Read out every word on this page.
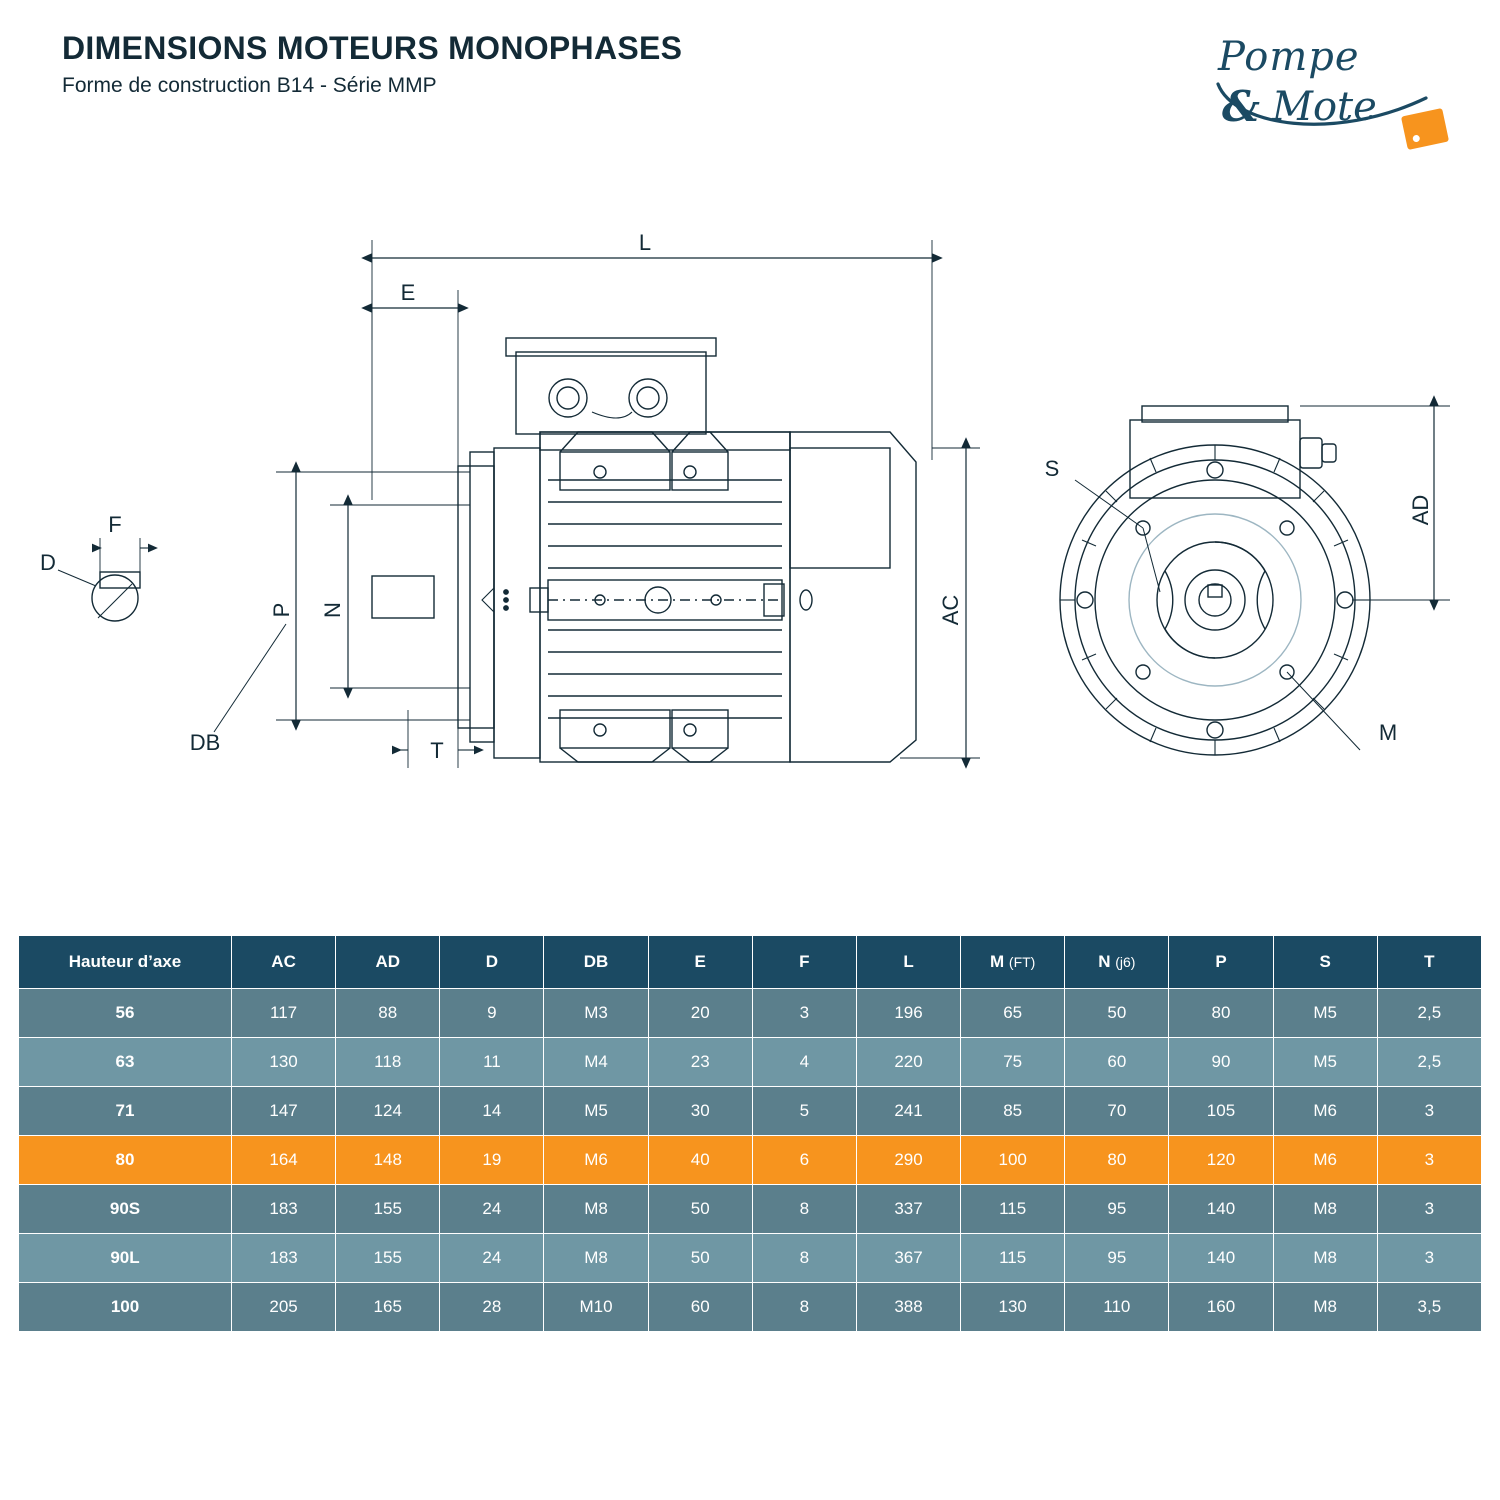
DIMENSIONS MOTEURS MONOPHASES

Forme de construction B14 - Série MMP

Pompe
& Mote
L
E
T
DB
F
D
S
M
P N	AC
AD
Hauteur d’axe	AC	AD	D	DB	E	F	L	M (FT)	N (j6)	P	S	T
56	117	88	9	M3	20	3	196	65	50	80	M5	2,5
63	130	118	11	M4	23	4	220	75	60	90	M5	2,5
71	147	124	14	M5	30	5	241	85	70	105	M6	3
80	164	148	19	M6	40	6	290	100	80	120	M6	3
90S	183	155	24	M8	50	8	337	115	95	140	M8	3
90L	183	155	24	M8	50	8	367	115	95	140	M8	3
100	205	165	28	M10	60	8	388	130	110	160	M8	3,5
